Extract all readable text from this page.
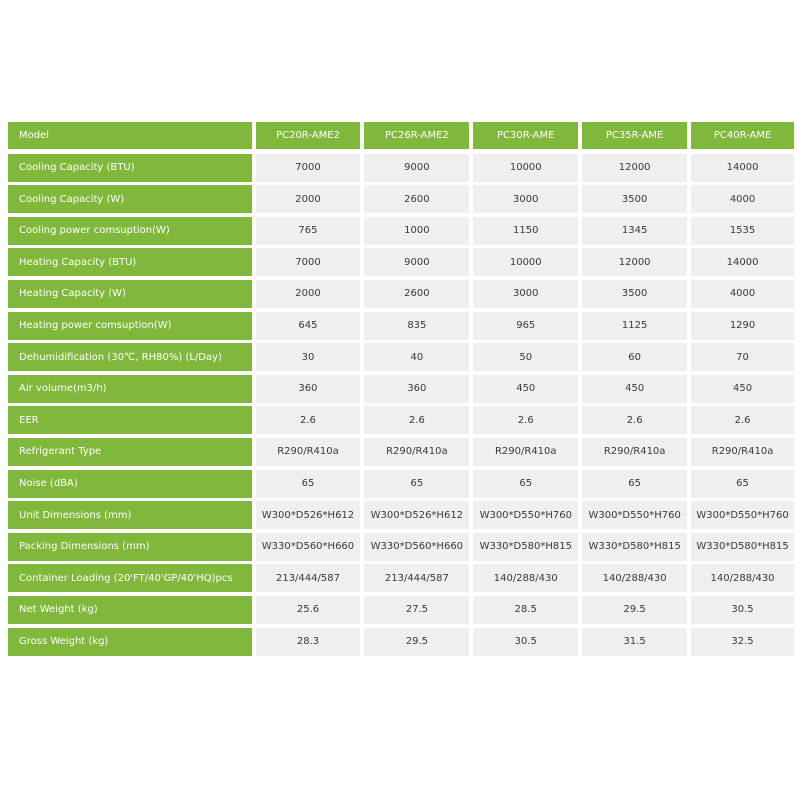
Model	PC20R-AME2	PC26R-AME2	PC30R-AME	PC35R-AME	PC40R-AME
Cooling Capacity (BTU)	7000	9000	10000	12000	14000
Cooling Capacity (W)	2000	2600	3000	3500	4000
Cooling power comsuption(W)	765	1000	1150	1345	1535
Heating Capacity (BTU)	7000	9000	10000	12000	14000
Heating Capacity (W)	2000	2600	3000	3500	4000
Heating power comsuption(W)	645	835	965	1125	1290
Dehumidification (30℃, RH80%) (L/Day)	30	40	50	60	70
Air volume(m3/h)	360	360	450	450	450
EER	2.6	2.6	2.6	2.6	2.6
Refrigerant Type	R290/R410a	R290/R410a	R290/R410a	R290/R410a	R290/R410a
Noise (dBA)	65	65	65	65	65
Unit Dimensions (mm)	W300*D526*H612	W300*D526*H612	W300*D550*H760	W300*D550*H760	W300*D550*H760
Packing Dimensions (mm)	W330*D560*H660	W330*D560*H660	W330*D580*H815	W330*D580*H815	W330*D580*H815
Container Loading (20'FT/40'GP/40'HQ)pcs	213/444/587	213/444/587	140/288/430	140/288/430	140/288/430
Net Weight (kg)	25.6	27.5	28.5	29.5	30.5
Gross Weight (kg)	28.3	29.5	30.5	31.5	32.5
